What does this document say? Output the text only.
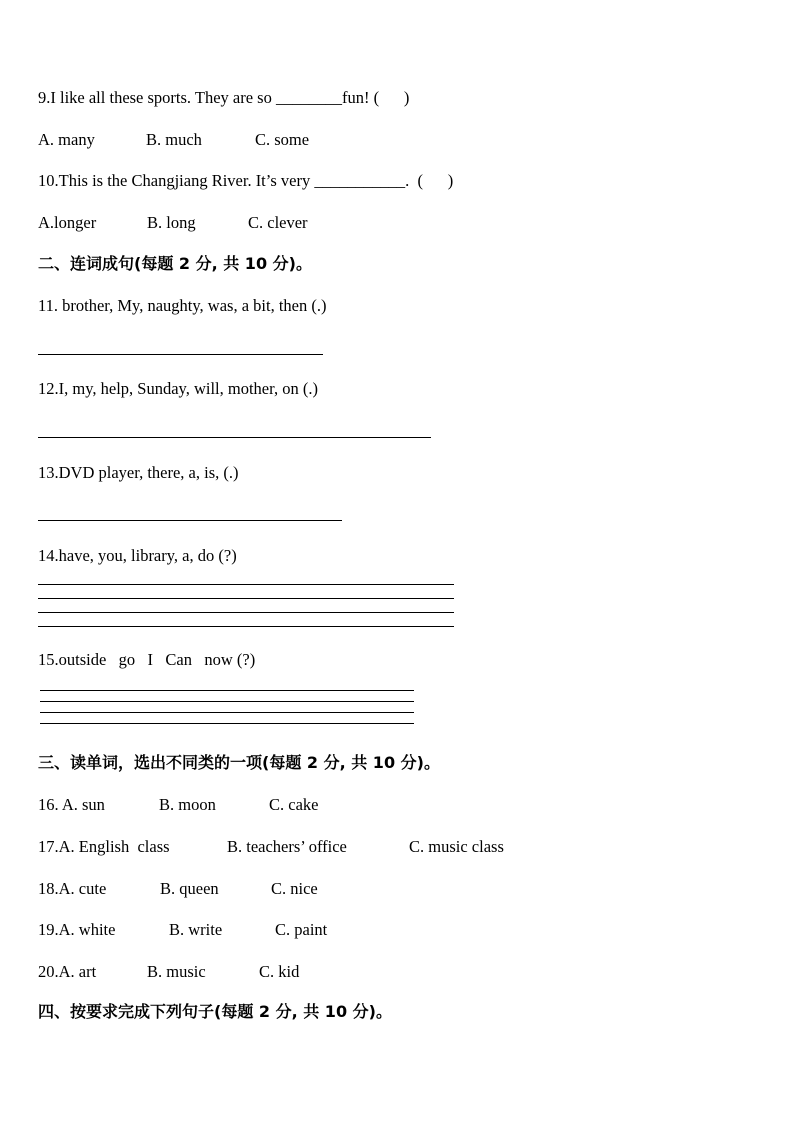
9.I like all these sports. They are so ________fun! (      )
A. many	B. much	C. some
10.This is the Changjiang River. It’s very ___________.  (      )
A.longer	B. long	C. clever
二、连词成句(每题 2 分, 共 10 分)。
11. brother, My, naughty, was, a bit, then (.)
12.I, my, help, Sunday, will, mother, on (.)
13.DVD player, there, a, is, (.)
14.have, you, library, a, do (?)
15.outside   go   I   Can   now (?)
三、读单词，选出不同类的一项(每题 2 分, 共 10 分)。
16. A. sun	B. moon	C. cake
17.A. English  class	B. teachers’ office	C. music class
18.A. cute	B. queen	C. nice
19.A. white	B. write	C. paint
20.A. art	B. music	C. kid
四、按要求完成下列句子(每题 2 分, 共 10 分)。
